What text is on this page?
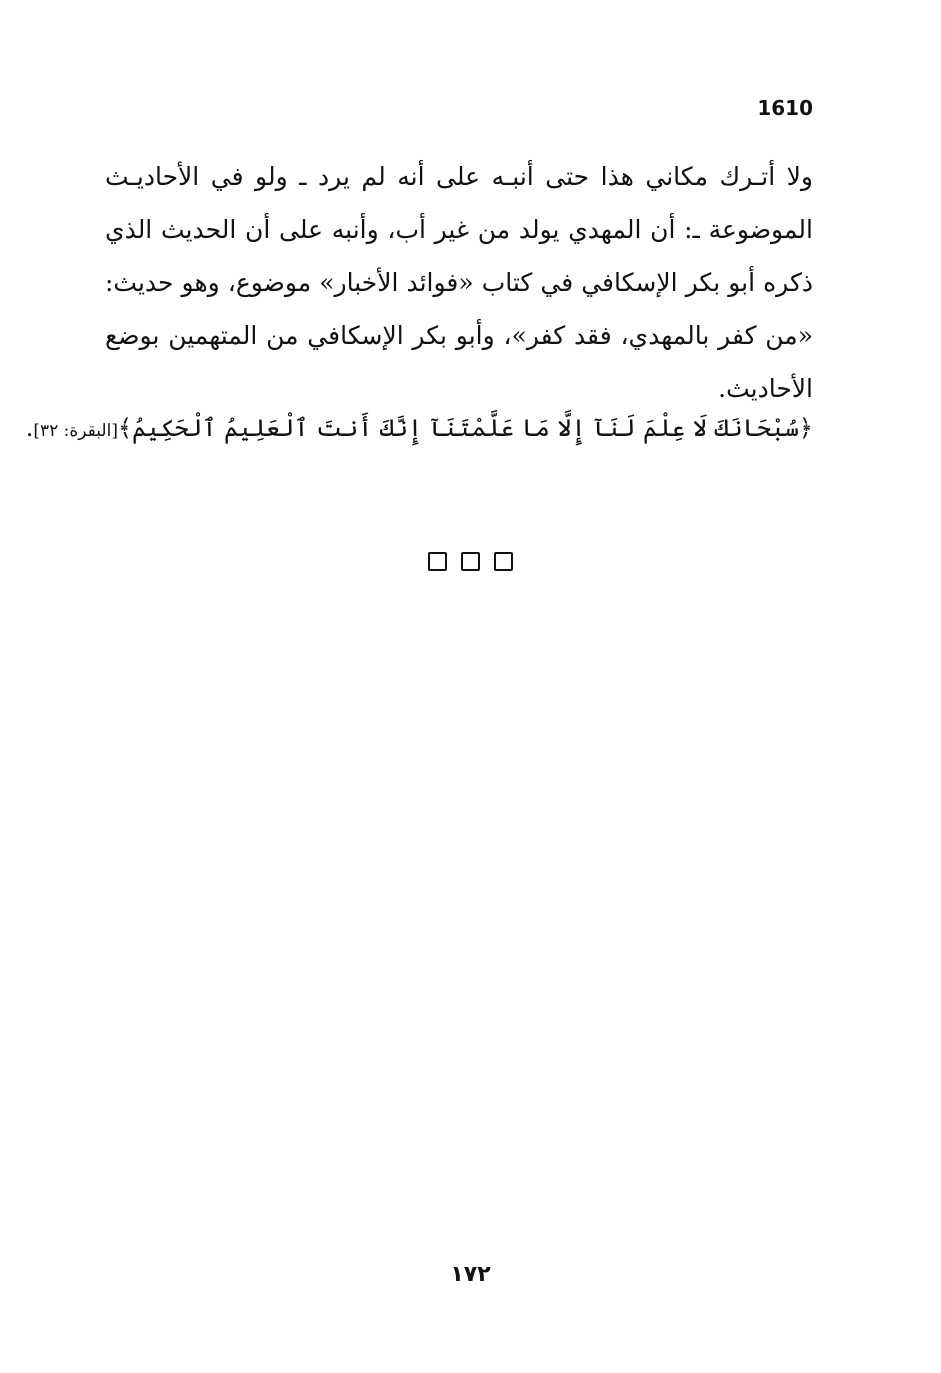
1610

ولا أتـرك مكاني هذا حتى أنبـه على أنه لم يرد ـ ولو في الأحاديـث الموضوعة ـ: أن المهدي يولد من غير أب، وأنبه على أن الحديث الذي ذكره أبو بكر الإسكافي في كتاب «فوائد الأخبار» موضوع، وهو حديث: «من كفر بالمهدي، فقد كفر»، وأبو بكر الإسكافي من المتهمين بوضع الأحاديث.

﴿سُبْحَانَكَ لَا عِلْمَ لَنَآ إِلَّا مَا عَلَّمْتَنَآ إِنَّكَ أَنتَ ٱلْعَلِيمُ ٱلْحَكِيمُ﴾[البقرة: ٣٢].
١٧٢
